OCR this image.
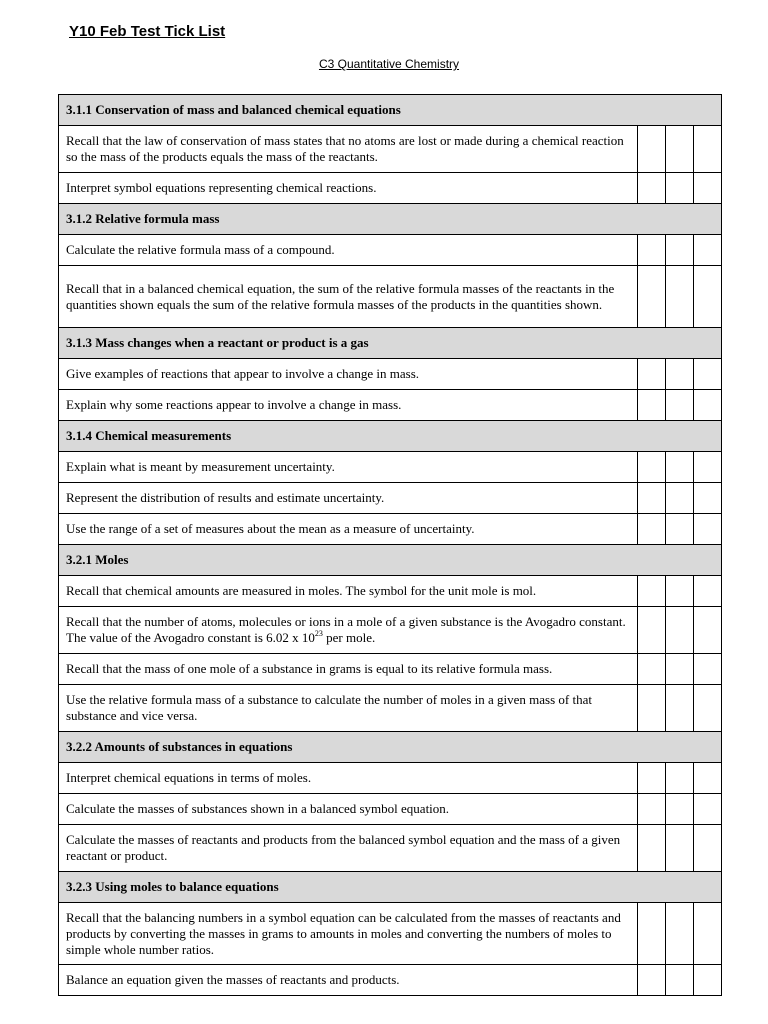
Y10 Feb Test Tick List
C3 Quantitative Chemistry
3.1.1 Conservation of mass and balanced chemical equations			
Recall that the law of conservation of mass states that no atoms are lost or made during a chemical reaction so the mass of the products equals the mass of the reactants.			
Interpret symbol equations representing chemical reactions.			
3.1.2 Relative formula mass			
Calculate the relative formula mass of a compound.			
Recall that in a balanced chemical equation, the sum of the relative formula masses of the reactants in the quantities shown equals the sum of the relative formula masses of the products in the quantities shown.			
3.1.3 Mass changes when a reactant or product is a gas			
Give examples of reactions that appear to involve a change in mass.			
Explain why some reactions appear to involve a change in mass.			
3.1.4 Chemical measurements			
Explain what is meant by measurement uncertainty.			
Represent the distribution of results and estimate uncertainty.			
Use the range of a set of measures about the mean as a measure of uncertainty.			
3.2.1 Moles			
Recall that chemical amounts are measured in moles. The symbol for the unit mole is mol.			
Recall that the number of atoms, molecules or ions in a mole of a given substance is the Avogadro constant. The value of the Avogadro constant is 6.02 x $10^{23}$ per mole.			
Recall that the mass of one mole of a substance in grams is equal to its relative formula mass.			
Use the relative formula mass of a substance to calculate the number of moles in a given mass of that substance and vice versa.			
3.2.2 Amounts of substances in equations			
Interpret chemical equations in terms of moles.			
Calculate the masses of substances shown in a balanced symbol equation.			
Calculate the masses of reactants and products from the balanced symbol equation and the mass of a given reactant or product.			
3.2.3 Using moles to balance equations			
Recall that the balancing numbers in a symbol equation can be calculated from the masses of reactants and products by converting the masses in grams to amounts in moles and converting the numbers of moles to simple whole number ratios.			
Balance an equation given the masses of reactants and products.			
